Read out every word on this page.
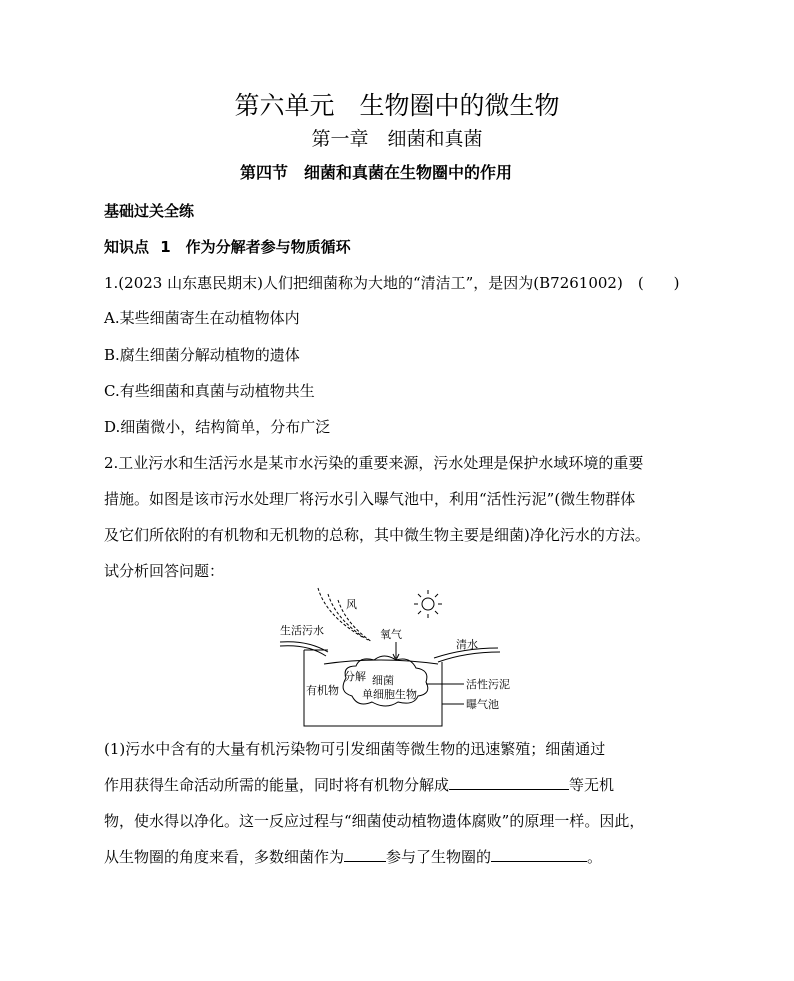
第六单元　生物圈中的微生物
第一章　细菌和真菌
第四节　细菌和真菌在生物圈中的作用
基础过关全练
知识点 1　作为分解者参与物质循环
1.(2023 山东惠民期末)人们把细菌称为大地的“清洁工”，是因为(B7261002)　(　　)
A.某些细菌寄生在动植物体内
B.腐生细菌分解动植物的遗体
C.有些细菌和真菌与动植物共生
D.细菌微小，结构简单，分布广泛
2.工业污水和生活污水是某市水污染的重要来源，污水处理是保护水域环境的重要
措施。如图是该市污水处理厂将污水引入曝气池中，利用“活性污泥”(微生物群体
及它们所依附的有机物和无机物的总称，其中微生物主要是细菌)净化污水的方法。
试分析回答问题：
风
生活污水	氧气
清水
有机物
分解 细菌
单细胞生物
活性污泥
曝气池
(1)污水中含有的大量有机污染物可引发细菌等微生物的迅速繁殖；细菌通过
作用获得生命活动所需的能量，同时将有机物分解成	等无机
物，使水得以净化。这一反应过程与“细菌使动植物遗体腐败”的原理一样。因此，
从生物圈的角度来看，多数细菌作为	参与了生物圈的	。
